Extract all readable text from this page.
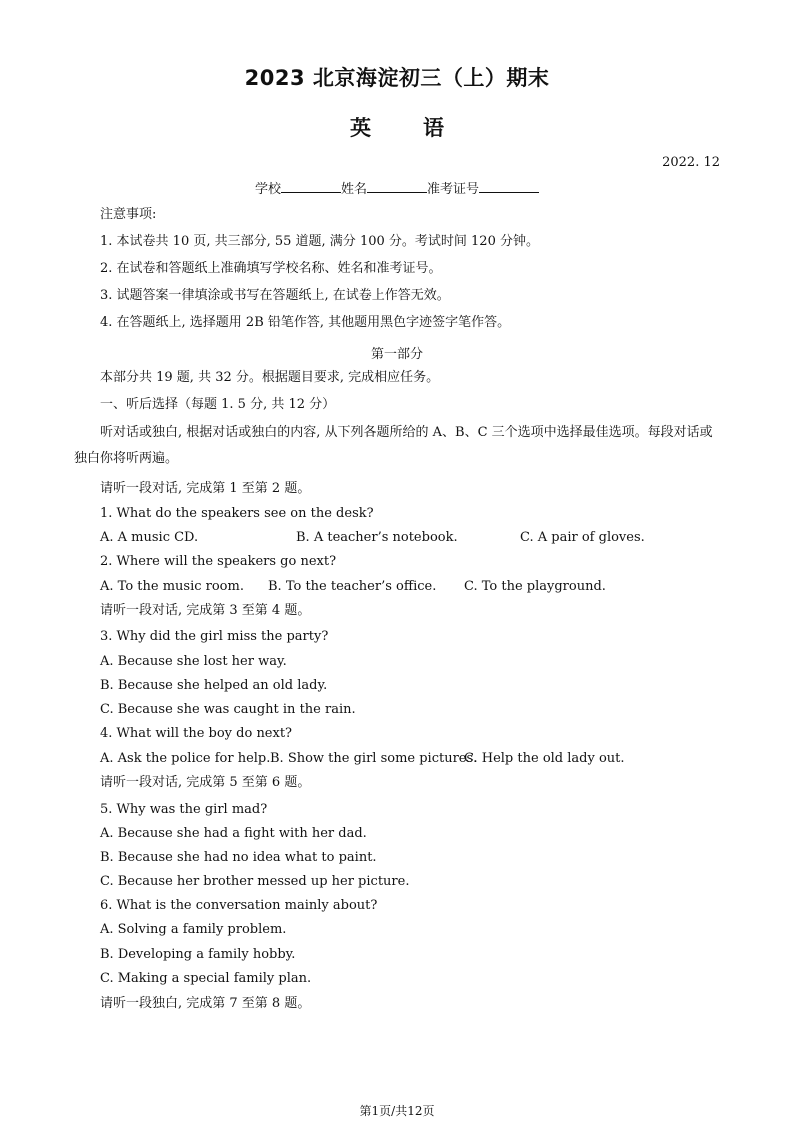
2023 北京海淀初三（上）期末
英 语
2022. 12
学校	姓名	准考证号
注意事项:
1. 本试卷共 10 页, 共三部分, 55 道题, 满分 100 分。考试时间 120 分钟。
2. 在试卷和答题纸上准确填写学校名称、姓名和准考证号。
3. 试题答案一律填涂或书写在答题纸上, 在试卷上作答无效。
4. 在答题纸上, 选择题用 2B 铅笔作答, 其他题用黑色字迹签字笔作答。
第一部分
本部分共 19 题, 共 32 分。根据题目要求, 完成相应任务。
一、听后选择（每题 1. 5 分, 共 12 分）
听对话或独白, 根据对话或独白的内容, 从下列各题所给的 A、B、C 三个选项中选择最佳选项。每段对话或独白你将听两遍。
请听一段对话, 完成第 1 至第 2 题。
1. What do the speakers see on the desk?
A. A music CD.	B. A teacher’s notebook.	C. A pair of gloves.
2. Where will the speakers go next?
A. To the music room. B. To the teacher’s office. C. To the playground.
请听一段对话, 完成第 3 至第 4 题。
3. Why did the girl miss the party?
A. Because she lost her way.
B. Because she helped an old lady.
C. Because she was caught in the rain.
4. What will the boy do next?
A. Ask the police for help. B. Show the girl some pictures.
C. Help the old lady out.
请听一段对话, 完成第 5 至第 6 题。
5. Why was the girl mad?
A. Because she had a fight with her dad.
B. Because she had no idea what to paint.
C. Because her brother messed up her picture.
6. What is the conversation mainly about?
A. Solving a family problem.
B. Developing a family hobby.
C. Making a special family plan.
请听一段独白, 完成第 7 至第 8 题。
第1页/共12页
